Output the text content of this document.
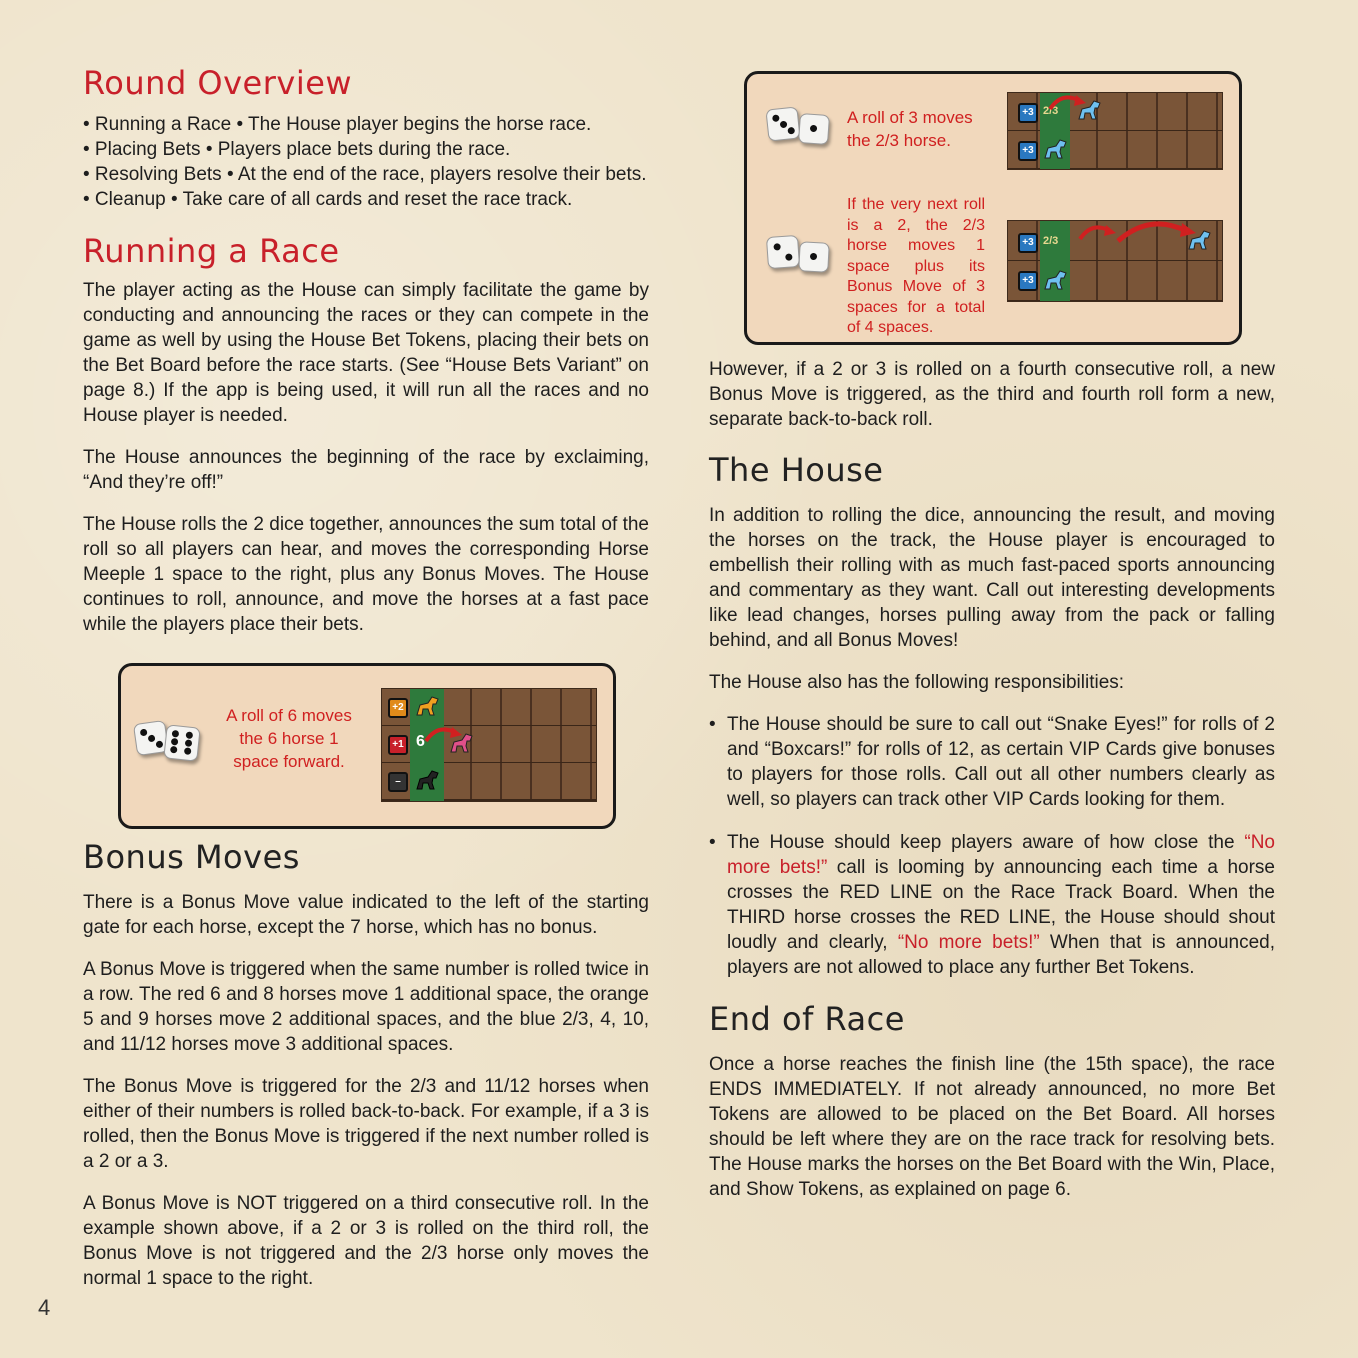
Round Overview
• Running a Race • The House player begins the horse race.
• Placing Bets • Players place bets during the race.
• Resolving Bets • At the end of the race, players resolve their bets.
• Cleanup • Take care of all cards and reset the race track.
Running a Race

The player acting as the House can simply facilitate the game by conducting and announcing the races or they can compete in the game as well by using the House Bet Tokens, placing their bets on the Bet Board before the race starts. (See “House Bets Variant” on page 8.) If the app is being used, it will run all the races and no House player is needed.

The House announces the beginning of the race by exclaiming, “And they’re off!”

The House rolls the 2 dice together, announces the sum total of the roll so all players can hear, and moves the corresponding Horse Meeple 1 space to the right, plus any Bonus Moves. The House continues to roll, announce, and move the horses at a fast pace while the players place their bets.

A roll of 6 moves the 6 horse 1 space forward.
+2
+1
–
6
Bonus Moves

There is a Bonus Move value indicated to the left of the starting gate for each horse, except the 7 horse, which has no bonus.

A Bonus Move is triggered when the same number is rolled twice in a row. The red 6 and 8 horses move 1 additional space, the orange 5 and 9 horses move 2 additional spaces, and the blue 2/3, 4, 10, and 11/12 horses move 3 additional spaces.

The Bonus Move is triggered for the 2/3 and 11/12 horses when either of their numbers is rolled back-to-back. For example, if a 3 is rolled, then the Bonus Move is triggered if the next number rolled is a 2 or a 3.

A Bonus Move is NOT triggered on a third consecutive roll. In the example shown above, if a 2 or 3 is rolled on the third roll, the Bonus Move is not triggered and the 2/3 horse only moves the normal 1 space to the right.

A roll of 3 moves the 2/3 horse.
If the very next roll is a 2, the 2/3 horse moves 1 space plus its Bonus Move of 3 spaces for a total of 4 spaces.
+3
+3
2/3
+3
+3
2/3

However, if a 2 or 3 is rolled on a fourth consecutive roll, a new Bonus Move is triggered, as the third and fourth roll form a new, separate back-to-back roll.

The House

In addition to rolling the dice, announcing the result, and moving the horses on the track, the House player is encouraged to embellish their rolling with as much fast-paced sports announcing and commentary as they want. Call out interesting developments like lead changes, horses pulling away from the pack or falling behind, and all Bonus Moves!

The House also has the following responsibilities:

• The House should be sure to call out “Snake Eyes!” for rolls of 2 and “Boxcars!” for rolls of 12, as certain VIP Cards give bonuses to players for those rolls. Call out all other numbers clearly as well, so players can track other VIP Cards looking for them.
• The House should keep players aware of how close the “No more bets!” call is looming by announcing each time a horse crosses the RED LINE on the Race Track Board. When the THIRD horse crosses the RED LINE, the House should shout loudly and clearly, “No more bets!” When that is announced, players are not allowed to place any further Bet Tokens.
End of Race

Once a horse reaches the finish line (the 15th space), the race ENDS IMMEDIATELY. If not already announced, no more Bet Tokens are allowed to be placed on the Bet Board. All horses should be left where they are on the race track for resolving bets. The House marks the horses on the Bet Board with the Win, Place, and Show Tokens, as explained on page 6.

4
